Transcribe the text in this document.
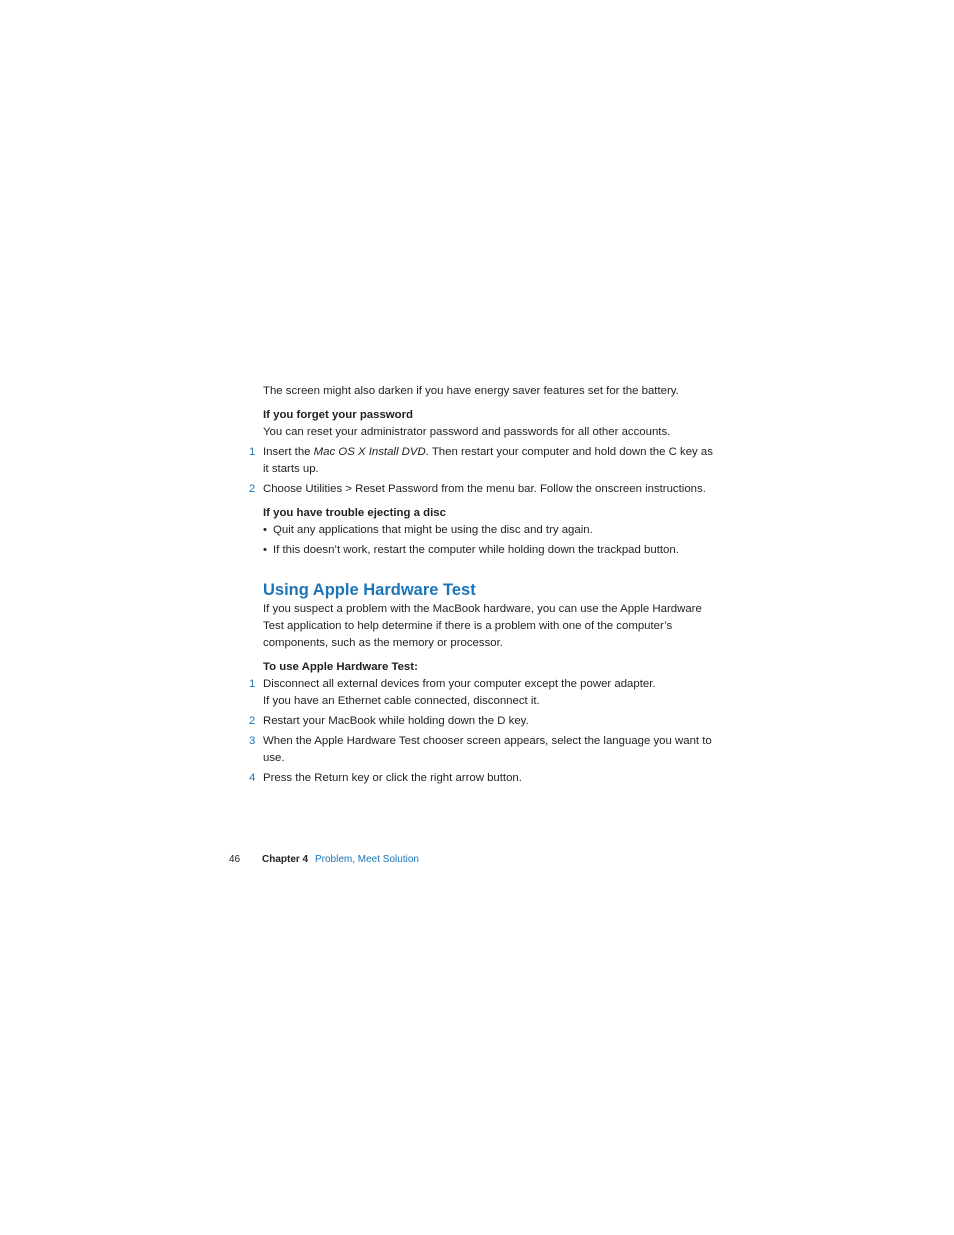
The screen might also darken if you have energy saver features set for the battery.

If you forget your password

You can reset your administrator password and passwords for all other accounts.

1 Insert the Mac OS X Install DVD. Then restart your computer and hold down the C key as it starts up.
2 Choose Utilities > Reset Password from the menu bar. Follow the onscreen instructions.

If you have trouble ejecting a disc

• Quit any applications that might be using the disc and try again.
• If this doesn’t work, restart the computer while holding down the trackpad button.
Using Apple Hardware Test

If you suspect a problem with the MacBook hardware, you can use the Apple Hardware Test application to help determine if there is a problem with one of the computer’s components, such as the memory or processor.

To use Apple Hardware Test:

1 Disconnect all external devices from your computer except the power adapter.
If you have an Ethernet cable connected, disconnect it.
2 Restart your MacBook while holding down the D key.
3 When the Apple Hardware Test chooser screen appears, select the language you want to use.
4 Press the Return key or click the right arrow button.
46 Chapter 4 Problem, Meet Solution
